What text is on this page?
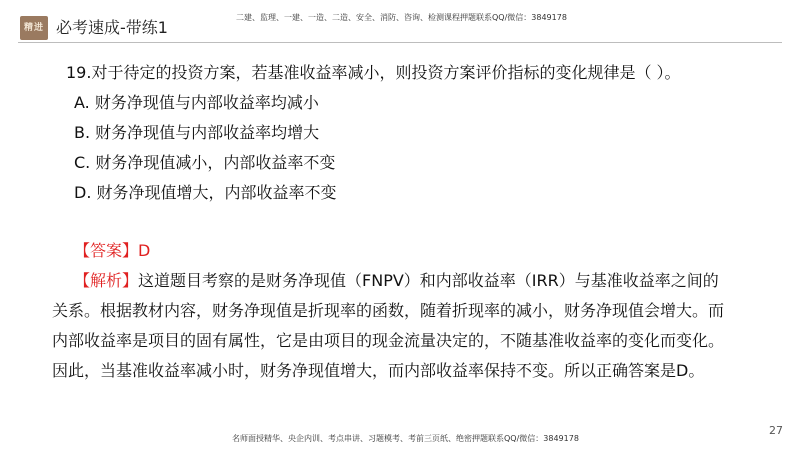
精进 必考速成-带练1
二建、监理、一建、一造、二造、安全、消防、咨询、检测课程押题联系QQ/微信：3849178
19.对于待定的投资方案，若基准收益率减小，则投资方案评价指标的变化规律是（ ）。
A. 财务净现值与内部收益率均减小
B. 财务净现值与内部收益率均增大
C. 财务净现值减小，内部收益率不变
D. 财务净现值增大，内部收益率不变
【答案】D
【解析】这道题目考察的是财务净现值（FNPV）和内部收益率（IRR）与基准收益率之间的
关系。根据教材内容，财务净现值是折现率的函数，随着折现率的减小，财务净现值会增大。而
内部收益率是项目的固有属性，它是由项目的现金流量决定的，不随基准收益率的变化而变化。
因此，当基准收益率减小时，财务净现值增大，而内部收益率保持不变。所以正确答案是D。
27
名师面授精华、央企内训、考点串讲、习题模考、考前三页纸、绝密押题联系QQ/微信：3849178
